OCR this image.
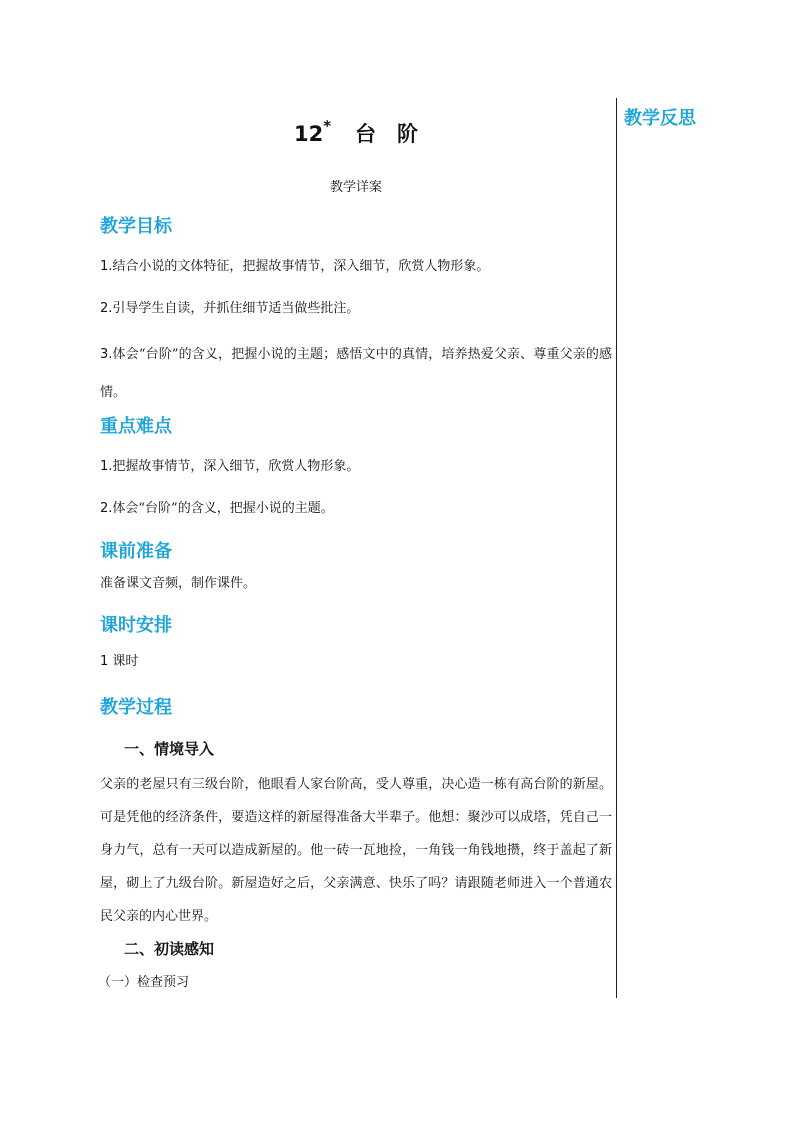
教学反思
12* 台　阶
教学详案
教学目标
1.结合小说的文体特征，把握故事情节，深入细节，欣赏人物形象。
2.引导学生自读，并抓住细节适当做些批注。
3.体会“台阶”的含义，把握小说的主题；感悟文中的真情，培养热爱父亲、尊重父亲的感情。
重点难点
1.把握故事情节，深入细节，欣赏人物形象。
2.体会“台阶”的含义，把握小说的主题。
课前准备
准备课文音频，制作课件。
课时安排
1 课时
教学过程
一、情境导入
父亲的老屋只有三级台阶，他眼看人家台阶高，受人尊重，决心造一栋有高台阶的新屋。可是凭他的经济条件，要造这样的新屋得准备大半辈子。他想：聚沙可以成塔，凭自己一身力气，总有一天可以造成新屋的。他一砖一瓦地捡，一角钱一角钱地攒，终于盖起了新屋，砌上了九级台阶。新屋造好之后，父亲满意、快乐了吗？请跟随老师进入一个普通农民父亲的内心世界。
二、初读感知
（一）检查预习
